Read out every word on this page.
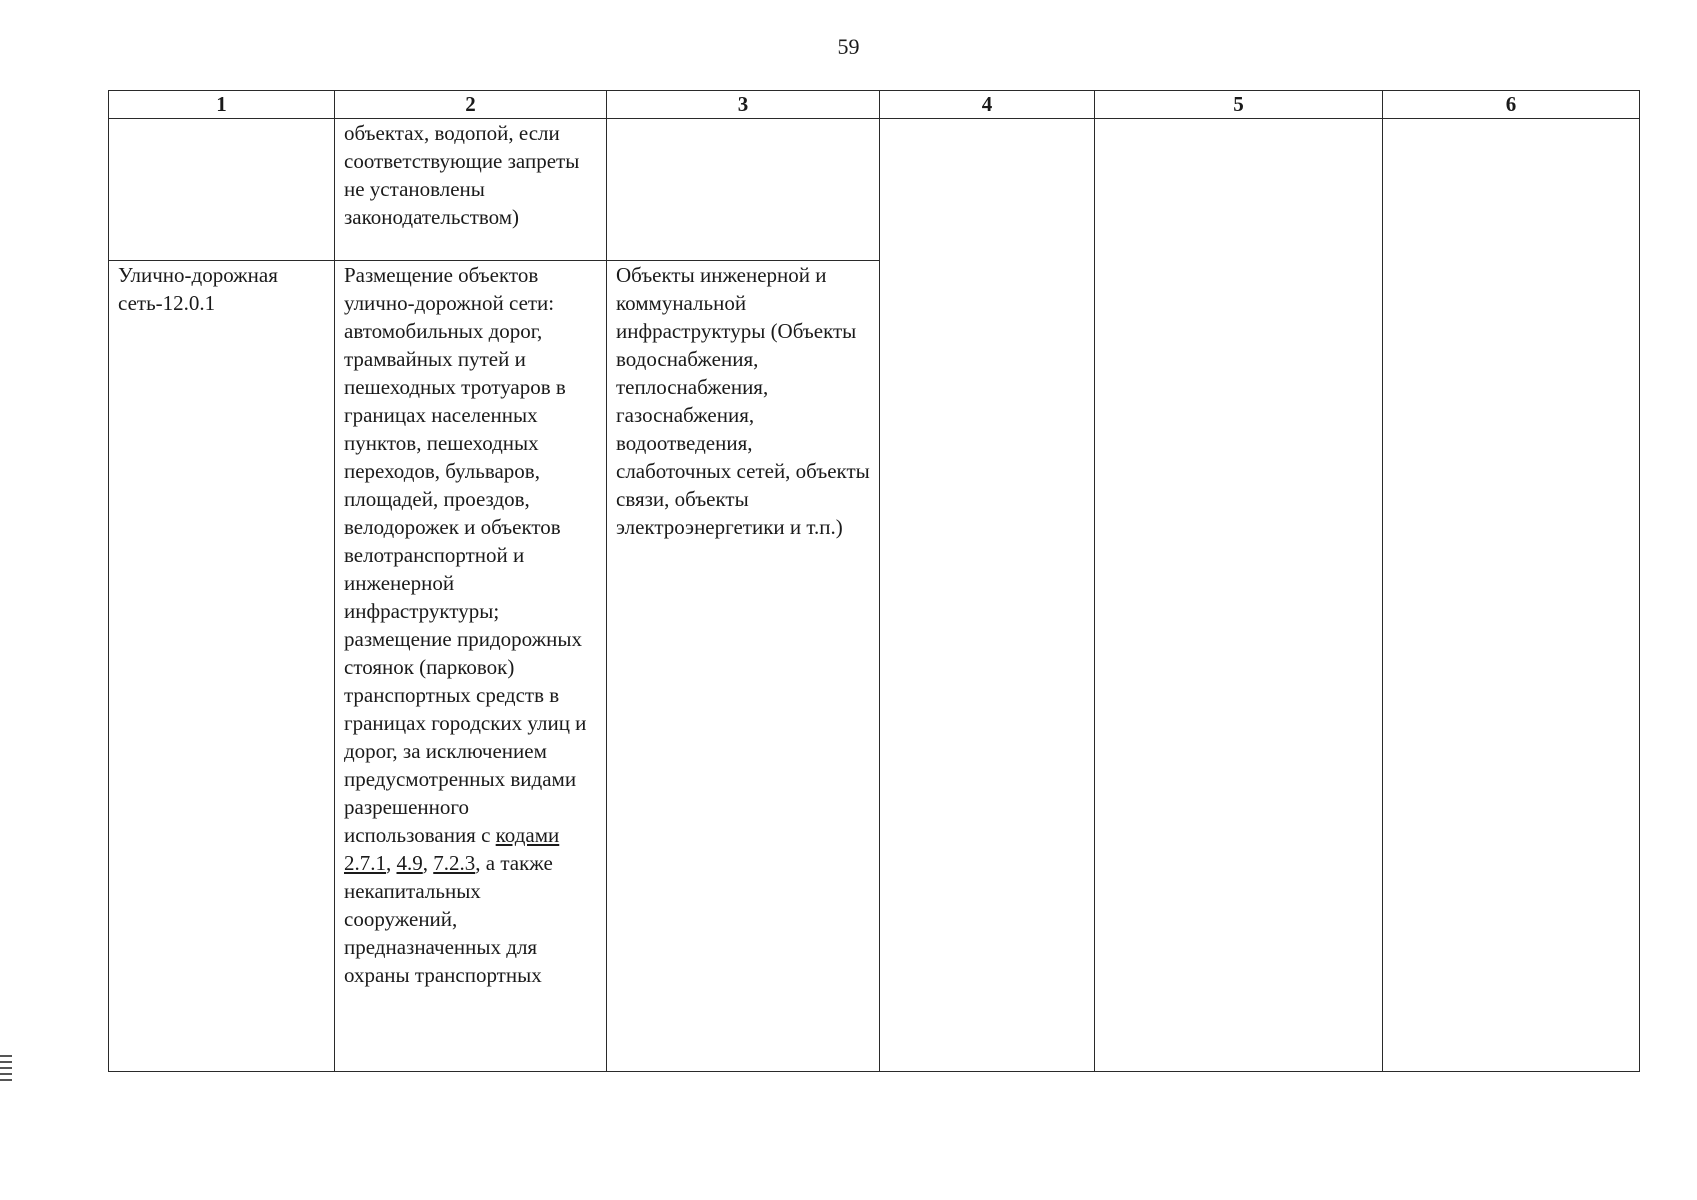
59
1	2	3	4	5	6

	объектах, водопой, если соответствующие запреты не установлены законодательством)				

Улично-дорожная сеть-12.0.1	Размещение объектов улично-дорожной сети: автомобильных дорог, трамвайных путей и пешеходных тротуаров в границах населенных пунктов, пешеходных переходов, бульваров, площадей, проездов, велодорожек и объектов велотранспортной и инженерной инфраструктуры; размещение придорожных стоянок (парковок) транспортных средств в границах городских улиц и дорог, за исключением предусмотренных видами разрешенного использования с кодами 2.7.1, 4.9, 7.2.3, а также некапитальных сооружений, предназначенных для охраны транспортных	Объекты инженерной и коммунальной инфраструктуры (Объекты водоснабжения, теплоснабжения, газоснабжения, водоотведения, слаботочных сетей, объекты связи, объекты электроэнергетики и т.п.)			
